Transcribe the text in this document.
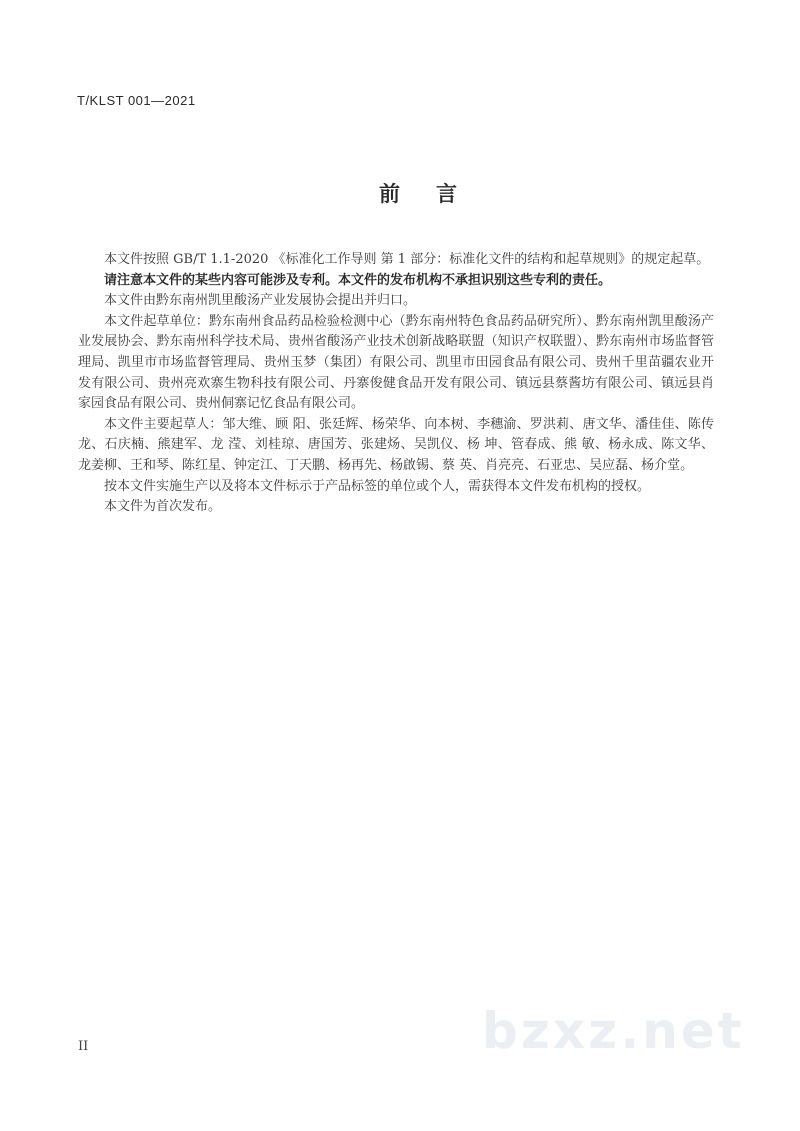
T/KLST 001—2021
前言

本文件按照 GB/T 1.1-2020 《标准化工作导则 第 1 部分：标准化文件的结构和起草规则》的规定起草。

请注意本文件的某些内容可能涉及专利。本文件的发布机构不承担识别这些专利的责任。

本文件由黔东南州凯里酸汤产业发展协会提出并归口。

本文件起草单位：黔东南州食品药品检验检测中心（黔东南州特色食品药品研究所）、黔东南州凯里酸汤产业发展协会、黔东南州科学技术局、贵州省酸汤产业技术创新战略联盟（知识产权联盟）、黔东南州市场监督管理局、凯里市市场监督管理局、贵州玉梦（集团）有限公司、凯里市田园食品有限公司、贵州千里苗疆农业开发有限公司、贵州亮欢寨生物科技有限公司、丹寨俊健食品开发有限公司、镇远县蔡酱坊有限公司、镇远县肖家园食品有限公司、贵州侗寨记忆食品有限公司。

本文件主要起草人：邹大维、顾 阳、张廷辉、杨荣华、向本树、李穗渝、罗洪莉、唐文华、潘佳佳、陈传龙、石庆楠、熊建军、龙 滢、刘桂琼、唐国芳、张建炀、吴凯仪、杨 坤、管春成、熊 敏、杨永成、陈文华、龙姜柳、王和琴、陈红星、钟定江、丁天鹏、杨再先、杨啟锡、蔡 英、肖亮亮、石亚忠、吴应磊、杨介堂。

按本文件实施生产以及将本文件标示于产品标签的单位或个人，需获得本文件发布机构的授权。

本文件为首次发布。

II	bzxz.net
